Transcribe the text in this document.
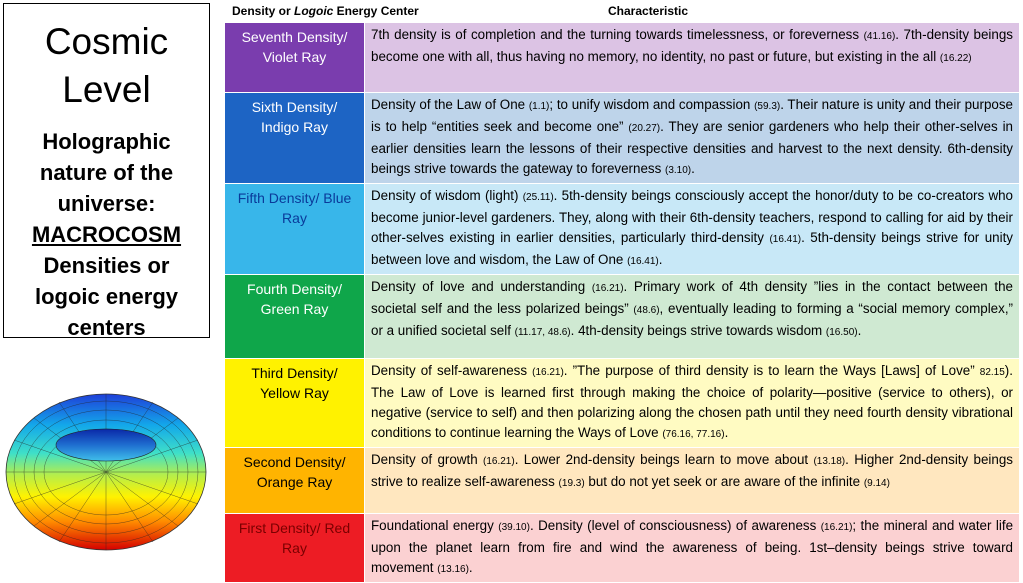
Cosmic
Level
Holographic
nature of the
universe:
MACROCOSM
Densities or
logoic energy
centers
Density or Logoic Energy Center	Characteristic
Seventh Density/ Violet Ray	7th density is of completion and the turning towards timelessness, or foreverness (41.16). 7th-density beings become one with all, thus having no memory, no identity, no past or future, but existing in the all (16.22)
Sixth Density/ Indigo Ray	Density of the Law of One (1.1); to unify wisdom and compassion (59.3). Their nature is unity and their purpose is to help “entities seek and become one” (20.27). They are senior gardeners who help their other-selves in earlier densities learn the lessons of their respective densities and harvest to the next density. 6th-density beings strive towards the gateway to foreverness (3.10).
Fifth Density/ Blue Ray	Density of wisdom (light) (25.11). 5th-density beings consciously accept the honor/duty to be co-creators who become junior-level gardeners. They, along with their 6th-density teachers, respond to calling for aid by their other-selves existing in earlier densities, particularly third-density (16.41). 5th-density beings strive for unity between love and wisdom, the Law of One (16.41).
Fourth Density/ Green Ray	Density of love and understanding (16.21). Primary work of 4th density ”lies in the contact between the societal self and the less polarized beings” (48.6), eventually leading to forming a “social memory complex,” or a unified societal self (11.17, 48.6). 4th-density beings strive towards wisdom (16.50).
Third Density/ Yellow Ray	Density of self-awareness (16.21). ”The purpose of third density is to learn the Ways [Laws] of Love” 82.15). The Law of Love is learned first through making the choice of polarity—positive (service to others), or negative (service to self) and then polarizing along the chosen path until they need fourth density vibrational conditions to continue learning the Ways of Love (76.16, 77.16).
Second Density/ Orange Ray	Density of growth (16.21). Lower 2nd-density beings learn to move about (13.18). Higher 2nd-density beings strive to realize self-awareness (19.3) but do not yet seek or are aware of the infinite (9.14)
First Density/ Red Ray	Foundational energy (39.10). Density (level of consciousness) of awareness (16.21); the mineral and water life upon the planet learn from fire and wind the awareness of being. 1st–density beings strive toward movement (13.16).
